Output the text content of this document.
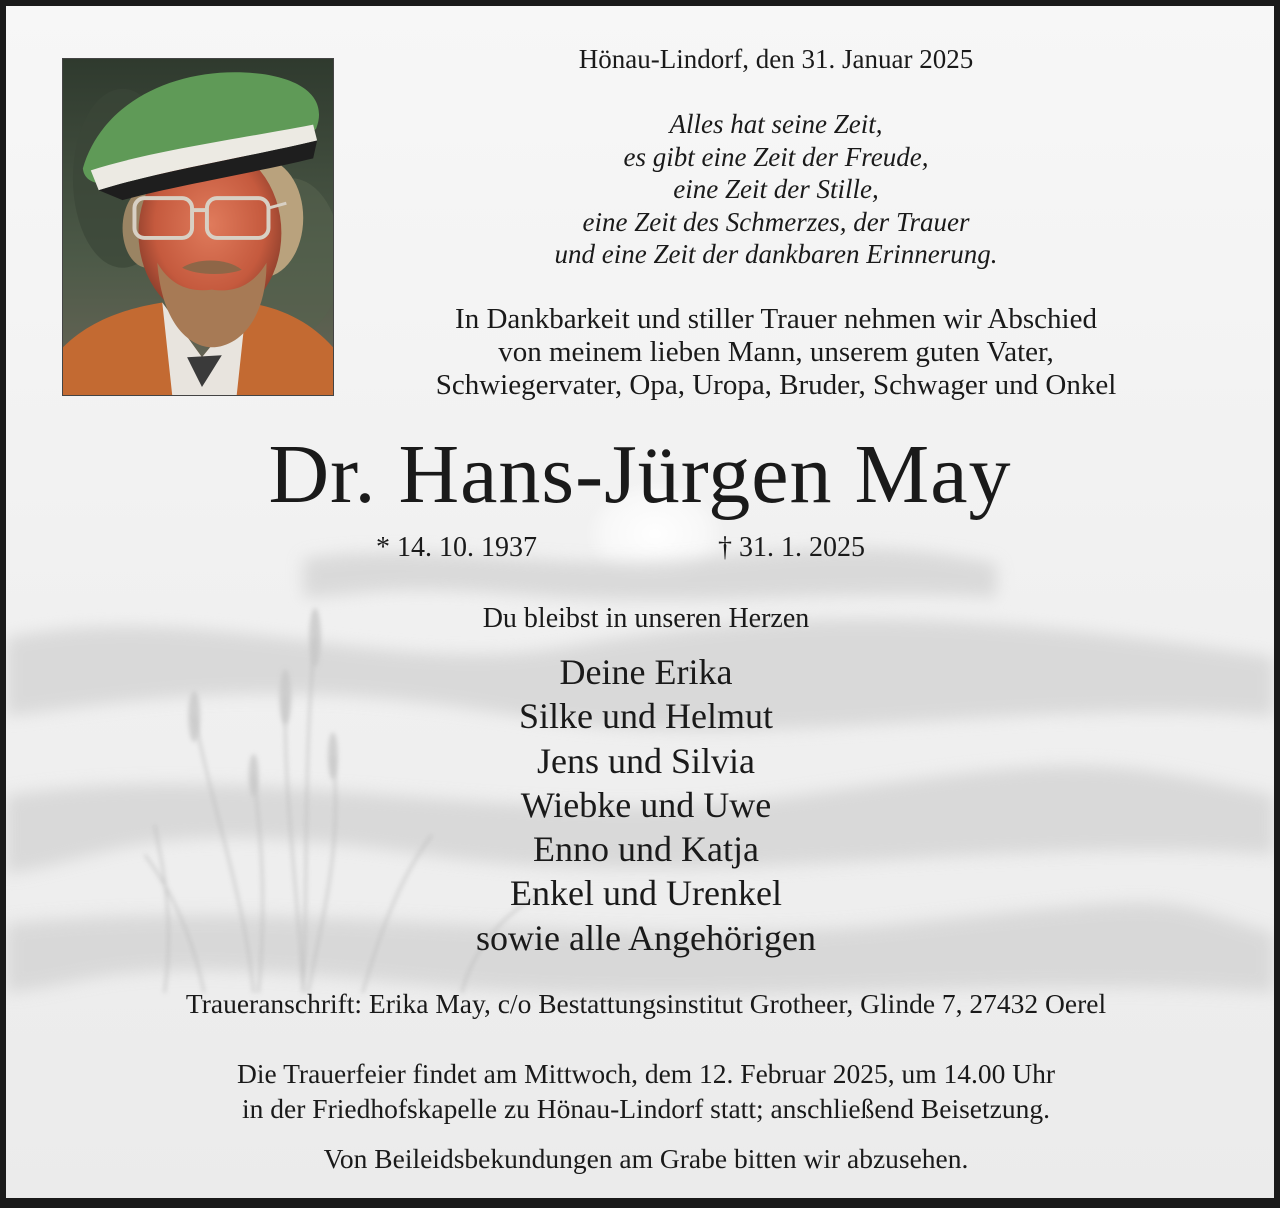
Hönau-Lindorf, den 31. Januar 2025
Alles hat seine Zeit,
es gibt eine Zeit der Freude,
eine Zeit der Stille,
eine Zeit des Schmerzes, der Trauer
und eine Zeit der dankbaren Erinnerung.
In Dankbarkeit und stiller Trauer nehmen wir Abschied
von meinem lieben Mann, unserem guten Vater,
Schwiegervater, Opa, Uropa, Bruder, Schwager und Onkel
Dr. Hans-Jürgen May
* 14. 10. 1937	† 31. 1. 2025
Du bleibst in unseren Herzen
Deine Erika
Silke und Helmut
Jens und Silvia
Wiebke und Uwe
Enno und Katja
Enkel und Urenkel
sowie alle Angehörigen
Traueranschrift: Erika May, c/o Bestattungsinstitut Grotheer, Glinde 7, 27432 Oerel
Die Trauerfeier findet am Mittwoch, dem 12. Februar 2025, um 14.00 Uhr
in der Friedhofskapelle zu Hönau-Lindorf statt; anschließend Beisetzung.
Von Beileidsbekundungen am Grabe bitten wir abzusehen.
